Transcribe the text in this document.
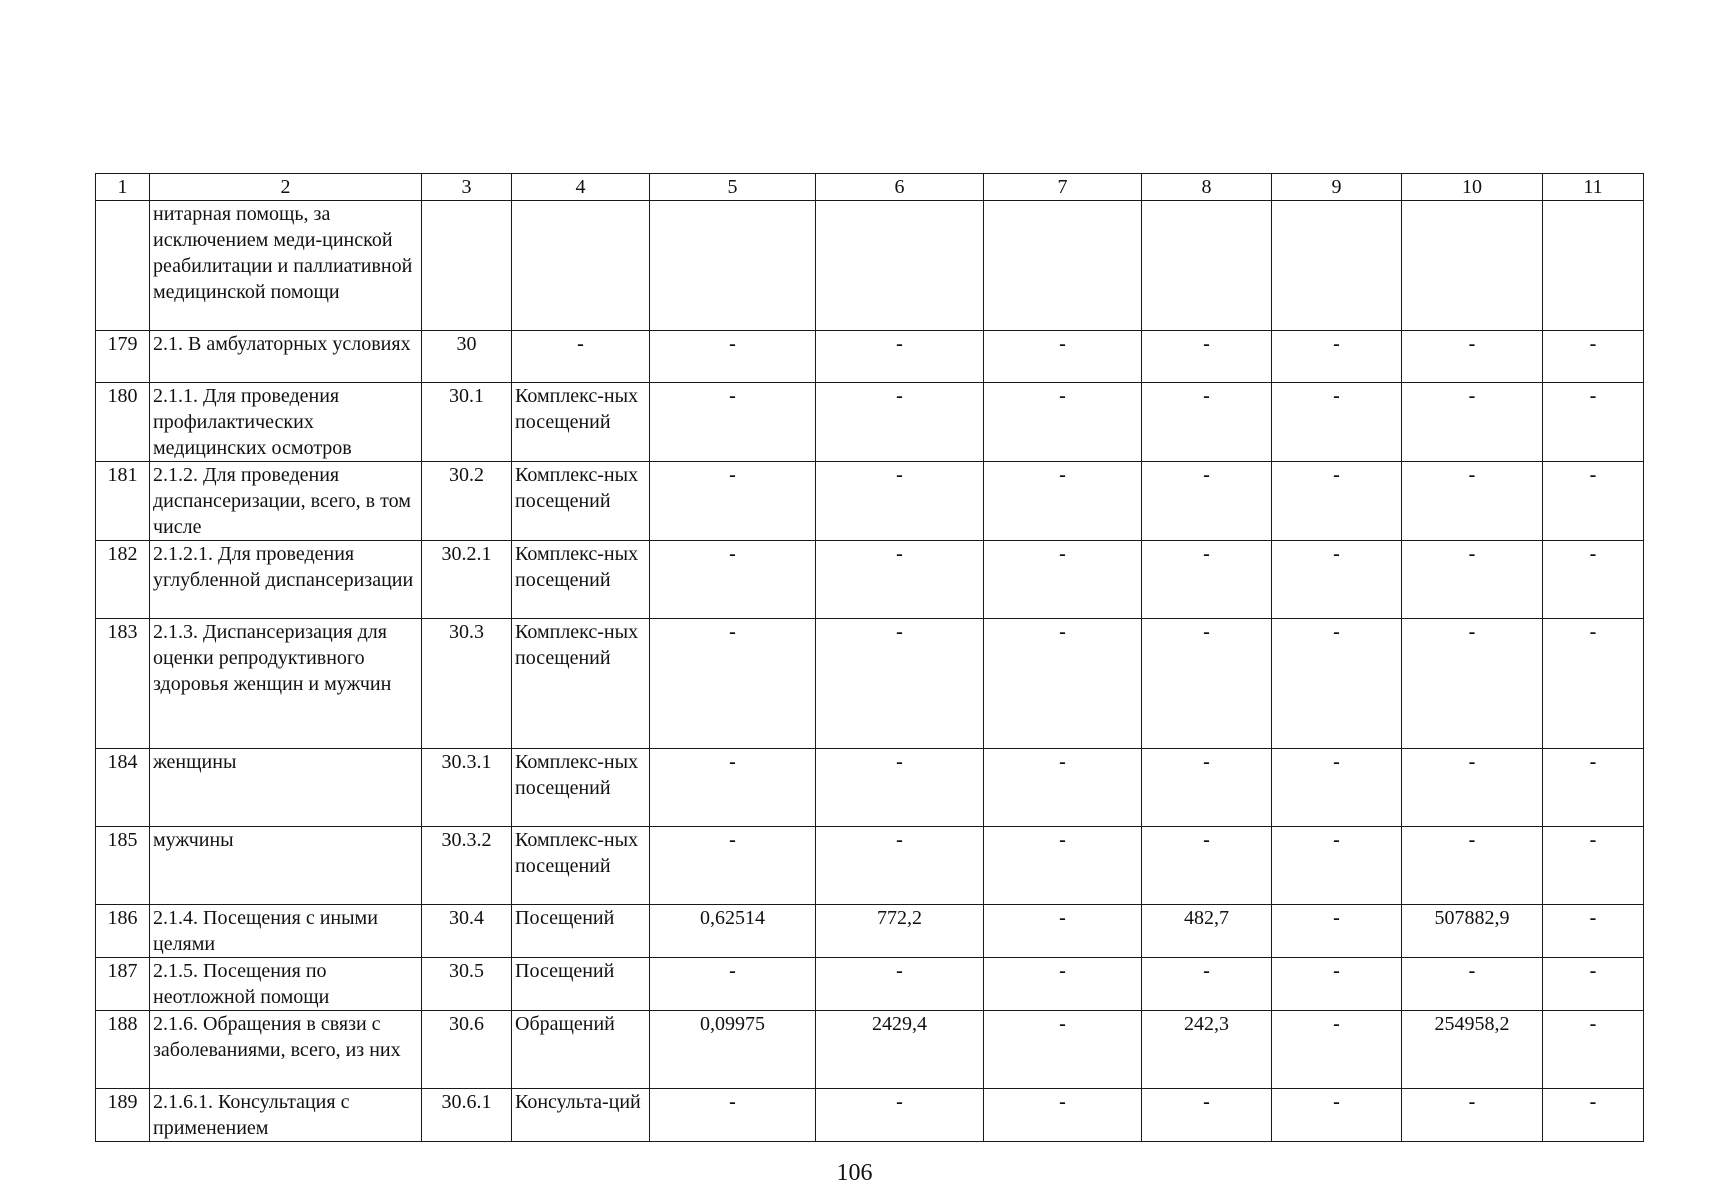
1	2	3	4	5	6	7	8	9	10	11
	нитарная помощь, за исключением меди-цинской реабилитации и паллиативной медицинской помощи									
179	2.1. В амбулаторных условиях	30	-	-	-	-	-	-	-	-
180	2.1.1. Для проведения профилактических медицинских осмотров	30.1	Комплекс-ных посещений	-	-	-	-	-	-	-
181	2.1.2. Для проведения диспансеризации, всего, в том числе	30.2	Комплекс-ных посещений	-	-	-	-	-	-	-
182	2.1.2.1. Для проведения углубленной диспансеризации	30.2.1	Комплекс-ных посещений	-	-	-	-	-	-	-
183	2.1.3. Диспансеризация для оценки репродуктивного здоровья женщин и мужчин	30.3	Комплекс-ных посещений	-	-	-	-	-	-	-
184	женщины	30.3.1	Комплекс-ных посещений	-	-	-	-	-	-	-
185	мужчины	30.3.2	Комплекс-ных посещений	-	-	-	-	-	-	-
186	2.1.4. Посещения с иными целями	30.4	Посещений	0,62514	772,2	-	482,7	-	507882,9	-
187	2.1.5. Посещения по неотложной помощи	30.5	Посещений	-	-	-	-	-	-	-
188	2.1.6. Обращения в связи с заболеваниями, всего, из них	30.6	Обращений	0,09975	2429,4	-	242,3	-	254958,2	-
189	2.1.6.1. Консультация с применением	30.6.1	Консульта-ций	-	-	-	-	-	-	-
106
